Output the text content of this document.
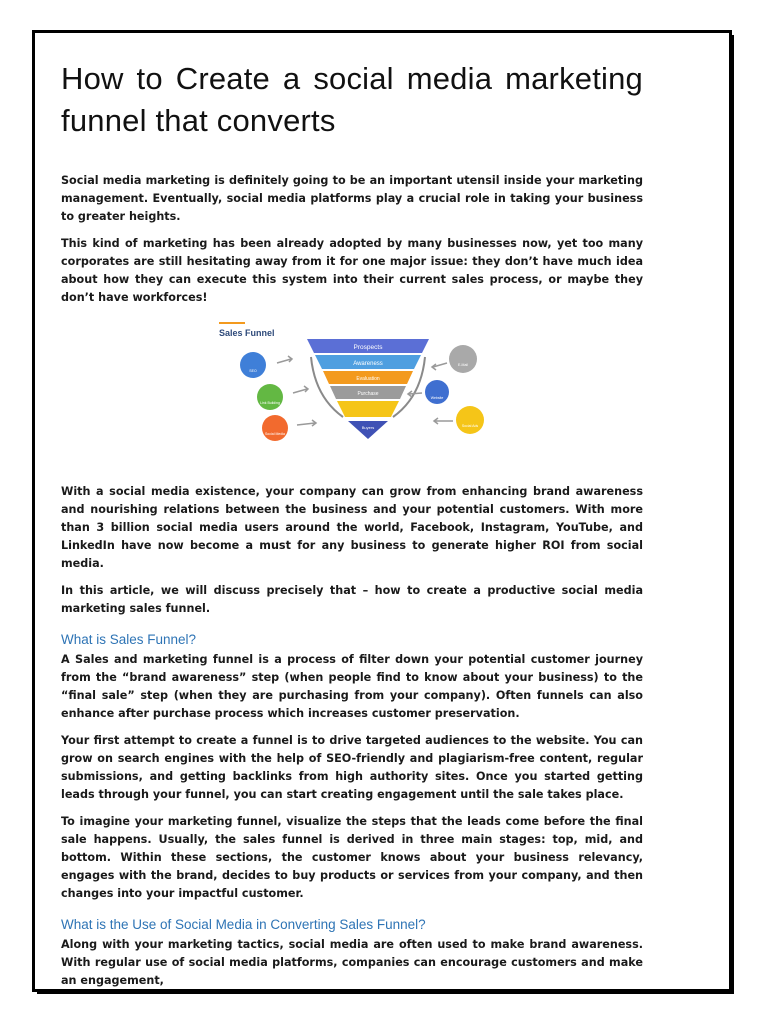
How to Create a social media marketing funnel that converts

Social media marketing is definitely going to be an important utensil inside your marketing management. Eventually, social media platforms play a crucial role in taking your business to greater heights.

This kind of marketing has been already adopted by many businesses now, yet too many corporates are still hesitating away from it for one major issue: they don’t have much idea about how they can execute this system into their current sales process, or maybe they don’t have workforces!

Sales Funnel
Prospects
Awareness
Evaluation
Purchase
Buyers
SEO
Link Building
Social Media
E-Mail
Website
Social Ads

With a social media existence, your company can grow from enhancing brand awareness and nourishing relations between the business and your potential customers. With more than 3 billion social media users around the world, Facebook, Instagram, YouTube, and LinkedIn have now become a must for any business to generate higher ROI from social media.

In this article, we will discuss precisely that – how to create a productive social media marketing sales funnel.

What is Sales Funnel?

A Sales and marketing funnel is a process of filter down your potential customer journey from the “brand awareness” step (when people find to know about your business) to the “final sale” step (when they are purchasing from your company). Often funnels can also enhance after purchase process which increases customer preservation.

Your first attempt to create a funnel is to drive targeted audiences to the website. You can grow on search engines with the help of SEO-friendly and plagiarism-free content, regular submissions, and getting backlinks from high authority sites. Once you started getting leads through your funnel, you can start creating engagement until the sale takes place.

To imagine your marketing funnel, visualize the steps that the leads come before the final sale happens. Usually, the sales funnel is derived in three main stages: top, mid, and bottom. Within these sections, the customer knows about your business relevancy, engages with the brand, decides to buy products or services from your company, and then changes into your impactful customer.

What is the Use of Social Media in Converting Sales Funnel?

Along with your marketing tactics, social media are often used to make brand awareness. With regular use of social media platforms, companies can encourage customers and make an engagement,
